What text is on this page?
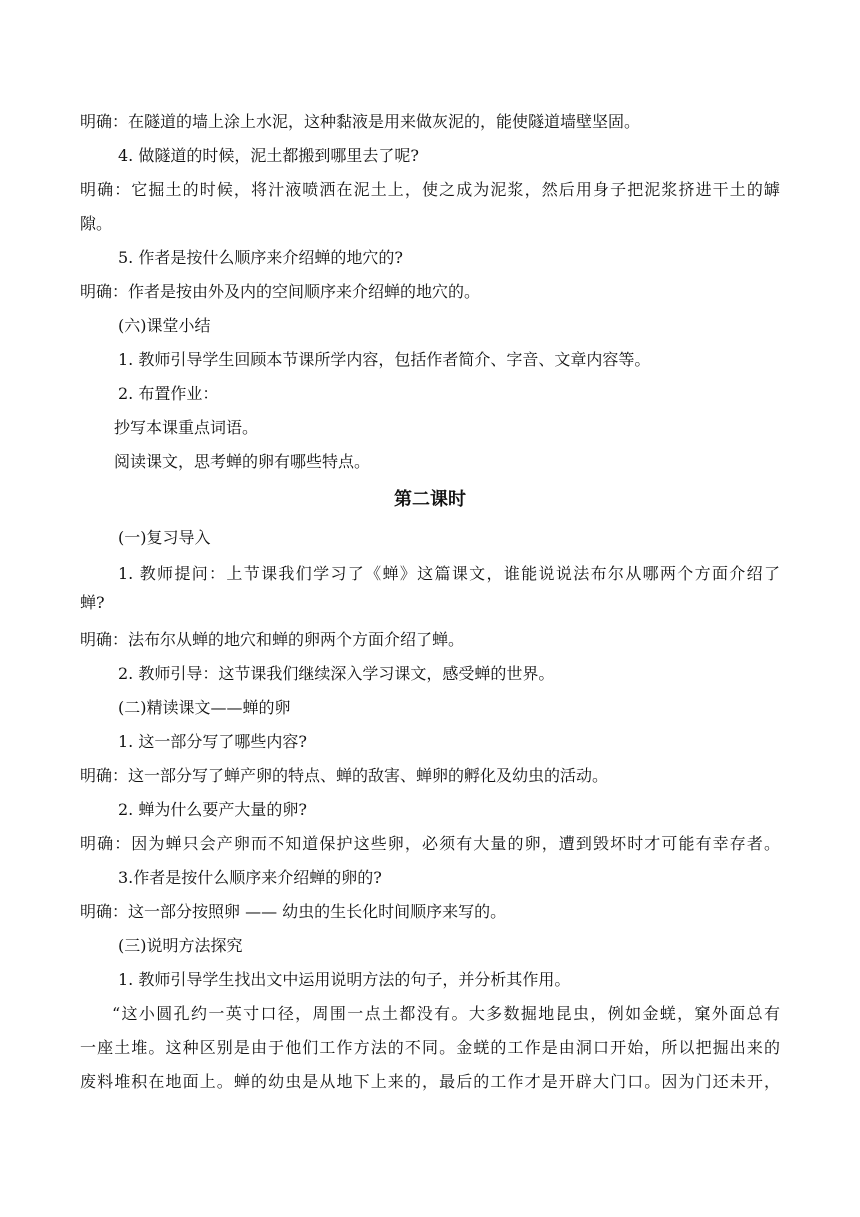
明确：在隧道的墙上涂上水泥，这种黏液是用来做灰泥的，能使隧道墙壁坚固。
4. 做隧道的时候，泥土都搬到哪里去了呢?
明确：它掘土的时候，将汁液喷洒在泥土上，使之成为泥浆，然后用身子把泥浆挤进干土的罅
隙。
5. 作者是按什么顺序来介绍蝉的地穴的?
明确：作者是按由外及内的空间顺序来介绍蝉的地穴的。
(六)课堂小结
1. 教师引导学生回顾本节课所学内容，包括作者简介、字音、文章内容等。
2. 布置作业：
抄写本课重点词语。
阅读课文，思考蝉的卵有哪些特点。
第二课时
(一)复习导入
1. 教师提问：上节课我们学习了《蝉》这篇课文，谁能说说法布尔从哪两个方面介绍了
蝉?
明确：法布尔从蝉的地穴和蝉的卵两个方面介绍了蝉。
2. 教师引导：这节课我们继续深入学习课文，感受蝉的世界。
(二)精读课文——蝉的卵
1. 这一部分写了哪些内容?
明确：这一部分写了蝉产卵的特点、蝉的敌害、蝉卵的孵化及幼虫的活动。
2. 蝉为什么要产大量的卵?
明确：因为蝉只会产卵而不知道保护这些卵，必须有大量的卵，遭到毁坏时才可能有幸存者。
3.作者是按什么顺序来介绍蝉的卵的?
明确：这一部分按照卵 —— 幼虫的生长化时间顺序来写的。
(三)说明方法探究
1. 教师引导学生找出文中运用说明方法的句子，并分析其作用。
“这小圆孔约一英寸口径，周围一点土都没有。大多数掘地昆虫，例如金蜣，窠外面总有
一座土堆。这种区别是由于他们工作方法的不同。金蜣的工作是由洞口开始，所以把掘出来的
废料堆积在地面上。蝉的幼虫是从地下上来的，最后的工作才是开辟大门口。因为门还未开，
